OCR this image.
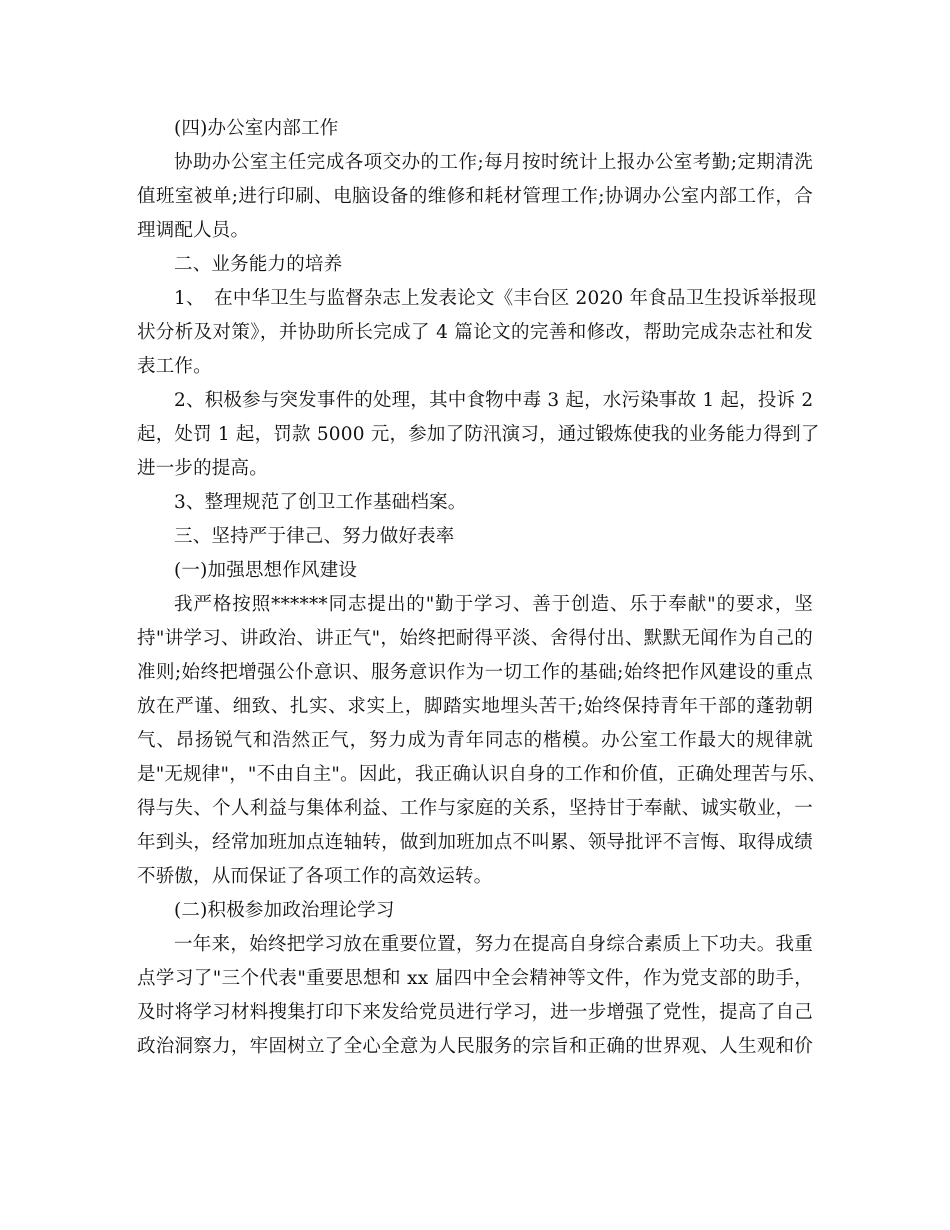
(四)办公室内部工作
协助办公室主任完成各项交办的工作;每月按时统计上报办公室考勤;定期清洗
值班室被单;进行印刷、电脑设备的维修和耗材管理工作;协调办公室内部工作，合
理调配人员。
二、业务能力的培养
1、　在中华卫生与监督杂志上发表论文《丰台区 2020 年食品卫生投诉举报现
状分析及对策》，并协助所长完成了 4 篇论文的完善和修改，帮助完成杂志社和发
表工作。
2、积极参与突发事件的处理，其中食物中毒 3 起，水污染事故 1 起，投诉 2
起，处罚 1 起，罚款 5000 元，参加了防汛演习，通过锻炼使我的业务能力得到了
进一步的提高。
3、整理规范了创卫工作基础档案。
三、坚持严于律己、努力做好表率
(一)加强思想作风建设
我严格按照******同志提出的"勤于学习、善于创造、乐于奉献"的要求，坚
持"讲学习、讲政治、讲正气"，始终把耐得平淡、舍得付出、默默无闻作为自己的
准则;始终把增强公仆意识、服务意识作为一切工作的基础;始终把作风建设的重点
放在严谨、细致、扎实、求实上，脚踏实地埋头苦干;始终保持青年干部的蓬勃朝
气、昂扬锐气和浩然正气，努力成为青年同志的楷模。办公室工作最大的规律就
是"无规律"，"不由自主"。因此，我正确认识自身的工作和价值，正确处理苦与乐、
得与失、个人利益与集体利益、工作与家庭的关系，坚持甘于奉献、诚实敬业，一
年到头，经常加班加点连轴转，做到加班加点不叫累、领导批评不言悔、取得成绩
不骄傲，从而保证了各项工作的高效运转。
(二)积极参加政治理论学习
一年来，始终把学习放在重要位置，努力在提高自身综合素质上下功夫。我重
点学习了"三个代表"重要思想和 xx 届四中全会精神等文件，作为党支部的助手，
及时将学习材料搜集打印下来发给党员进行学习，进一步增强了党性，提高了自己
政治洞察力，牢固树立了全心全意为人民服务的宗旨和正确的世界观、人生观和价
